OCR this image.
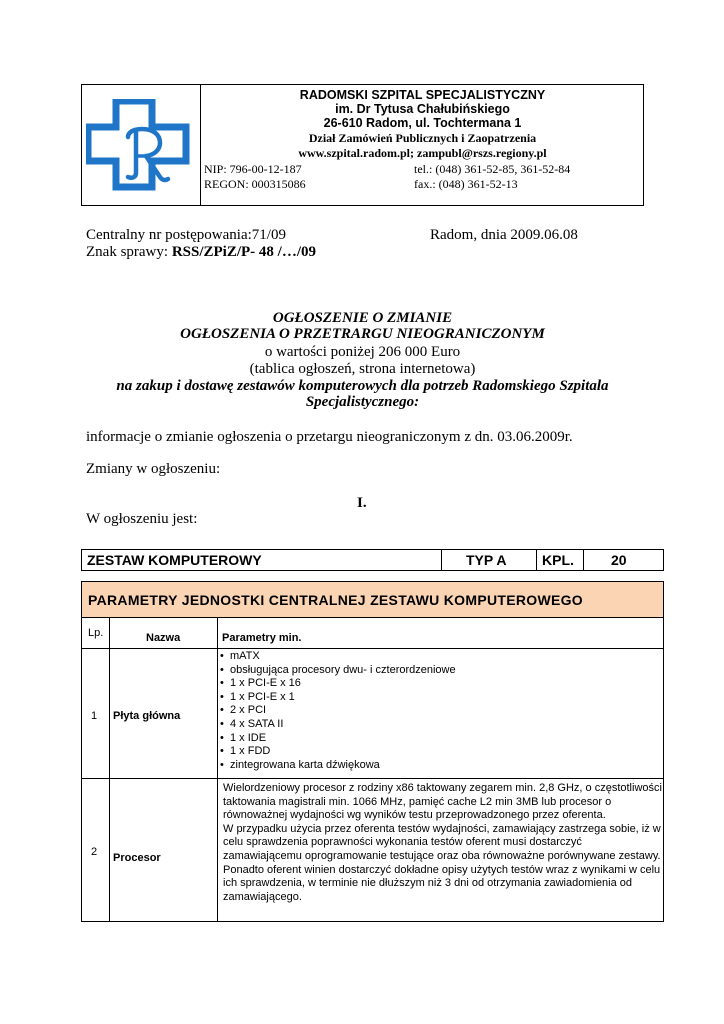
RADOMSKI SZPITAL SPECJALISTYCZNY
im. Dr Tytusa Chałubińskiego
26-610 Radom, ul. Tochtermana 1
Dział Zamówień Publicznych i Zaopatrzenia
www.szpital.radom.pl; zampubl@rszs.regiony.pl
NIP: 796-00-12-187	tel.: (048) 361-52-85, 361-52-84
REGON: 000315086	fax.: (048) 361-52-13
Centralny nr postępowania:71/09	Radom, dnia 2009.06.08
Znak sprawy: RSS/ZPiZ/P- 48 /…/09
OGŁOSZENIE O ZMIANIE
OGŁOSZENIA O PRZETRARGU NIEOGRANICZONYM
o wartości poniżej 206 000 Euro
(tablica ogłoszeń, strona internetowa)
na zakup i dostawę zestawów komputerowych dla potrzeb Radomskiego Szpitala
Specjalistycznego:
informacje o zmianie ogłoszenia o przetargu nieograniczonym z dn. 03.06.2009r.
Zmiany w ogłoszeniu:
I.
W ogłoszeniu jest:
ZESTAW KOMPUTEROWY	TYP A	KPL.	20
PARAMETRY JEDNOSTKI CENTRALNEJ ZESTAWU KOMPUTEROWEGO
Lp.	Nazwa	Parametry min.
1 Płyta główna
• mATX
• obsługująca procesory dwu- i czterordzeniowe
• 1 x PCI-E x 16
• 1 x PCI-E x 1
• 2 x PCI
• 4 x SATA II
• 1 x IDE
• 1 x FDD
• zintegrowana karta dźwiękowa
2 Procesor
Wielordzeniowy procesor z rodziny x86 taktowany zegarem min. 2,8 GHz, o częstotliwości
taktowania magistrali min. 1066 MHz, pamięć cache L2 min 3MB lub procesor o
równoważnej wydajności wg wyników testu przeprowadzonego przez oferenta.
W przypadku użycia przez oferenta testów wydajności, zamawiający zastrzega sobie, iż w
celu sprawdzenia poprawności wykonania testów oferent musi dostarczyć
zamawiającemu oprogramowanie testujące oraz oba równoważne porównywane zestawy.
Ponadto oferent winien dostarczyć dokładne opisy użytych testów wraz z wynikami w celu
ich sprawdzenia, w terminie nie dłuższym niż 3 dni od otrzymania zawiadomienia od
zamawiającego.
